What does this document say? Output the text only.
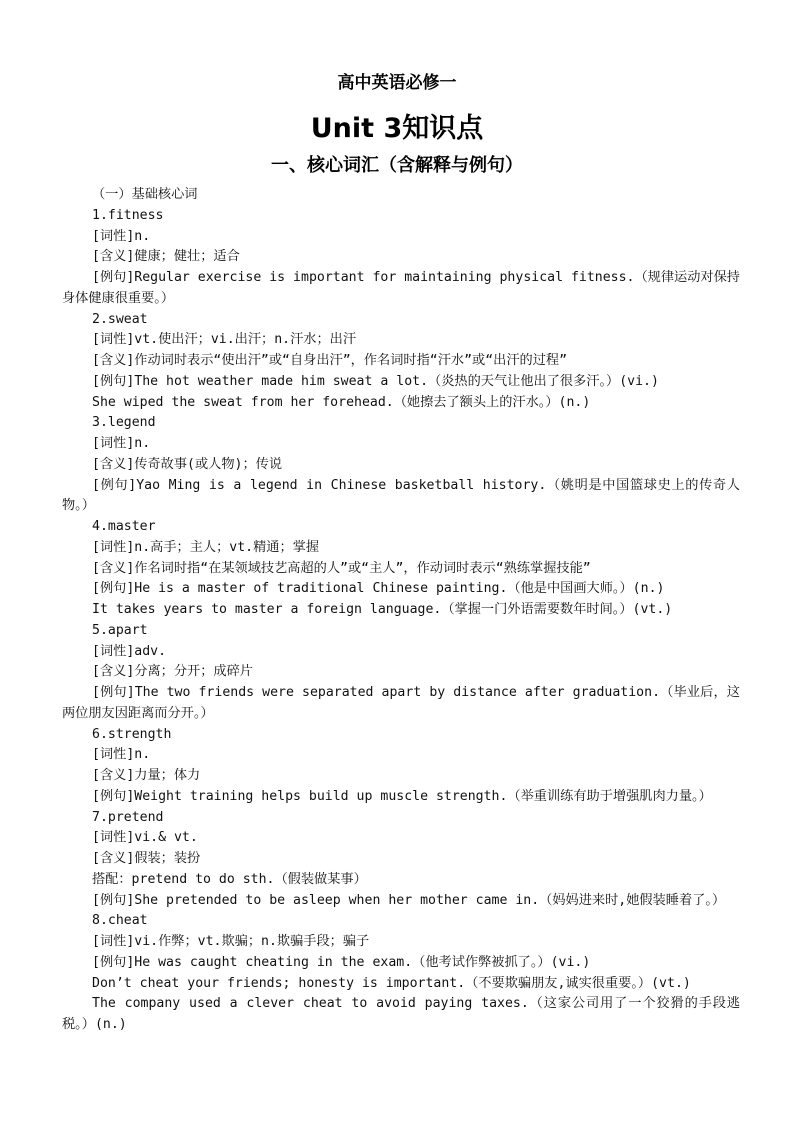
高中英语必修一
Unit 3知识点
一、核心词汇（含解释与例句）
（一）基础核心词
1.fitness
[词性]n.
[含义]健康；健壮；适合
[例句]Regular exercise is important for maintaining physical fitness.（规律运动对保持身体健康很重要。）
2.sweat
[词性]vt.使出汗；vi.出汗；n.汗水；出汗
[含义]作动词时表示“使出汗”或“自身出汗”，作名词时指“汗水”或“出汗的过程”
[例句]The hot weather made him sweat a lot.（炎热的天气让他出了很多汗。）(vi.)
She wiped the sweat from her forehead.（她擦去了额头上的汗水。）(n.)
3.legend
[词性]n.
[含义]传奇故事(或人物)；传说
[例句]Yao Ming is a legend in Chinese basketball history.（姚明是中国篮球史上的传奇人物。）
4.master
[词性]n.高手；主人；vt.精通；掌握
[含义]作名词时指“在某领域技艺高超的人”或“主人”，作动词时表示“熟练掌握技能”
[例句]He is a master of traditional Chinese painting.（他是中国画大师。）(n.)
It takes years to master a foreign language.（掌握一门外语需要数年时间。）(vt.)
5.apart
[词性]adv.
[含义]分离；分开；成碎片
[例句]The two friends were separated apart by distance after graduation.（毕业后，这两位朋友因距离而分开。）
6.strength
[词性]n.
[含义]力量；体力
[例句]Weight training helps build up muscle strength.（举重训练有助于增强肌肉力量。）
7.pretend
[词性]vi.& vt.
[含义]假装；装扮
搭配：pretend to do sth.（假装做某事）
[例句]She pretended to be asleep when her mother came in.（妈妈进来时,她假装睡着了。）
8.cheat
[词性]vi.作弊；vt.欺骗；n.欺骗手段；骗子
[例句]He was caught cheating in the exam.（他考试作弊被抓了。）(vi.)
Don’t cheat your friends; honesty is important.（不要欺骗朋友,诚实很重要。）(vt.)
The company used a clever cheat to avoid paying taxes.（这家公司用了一个狡猾的手段逃税。）(n.)
